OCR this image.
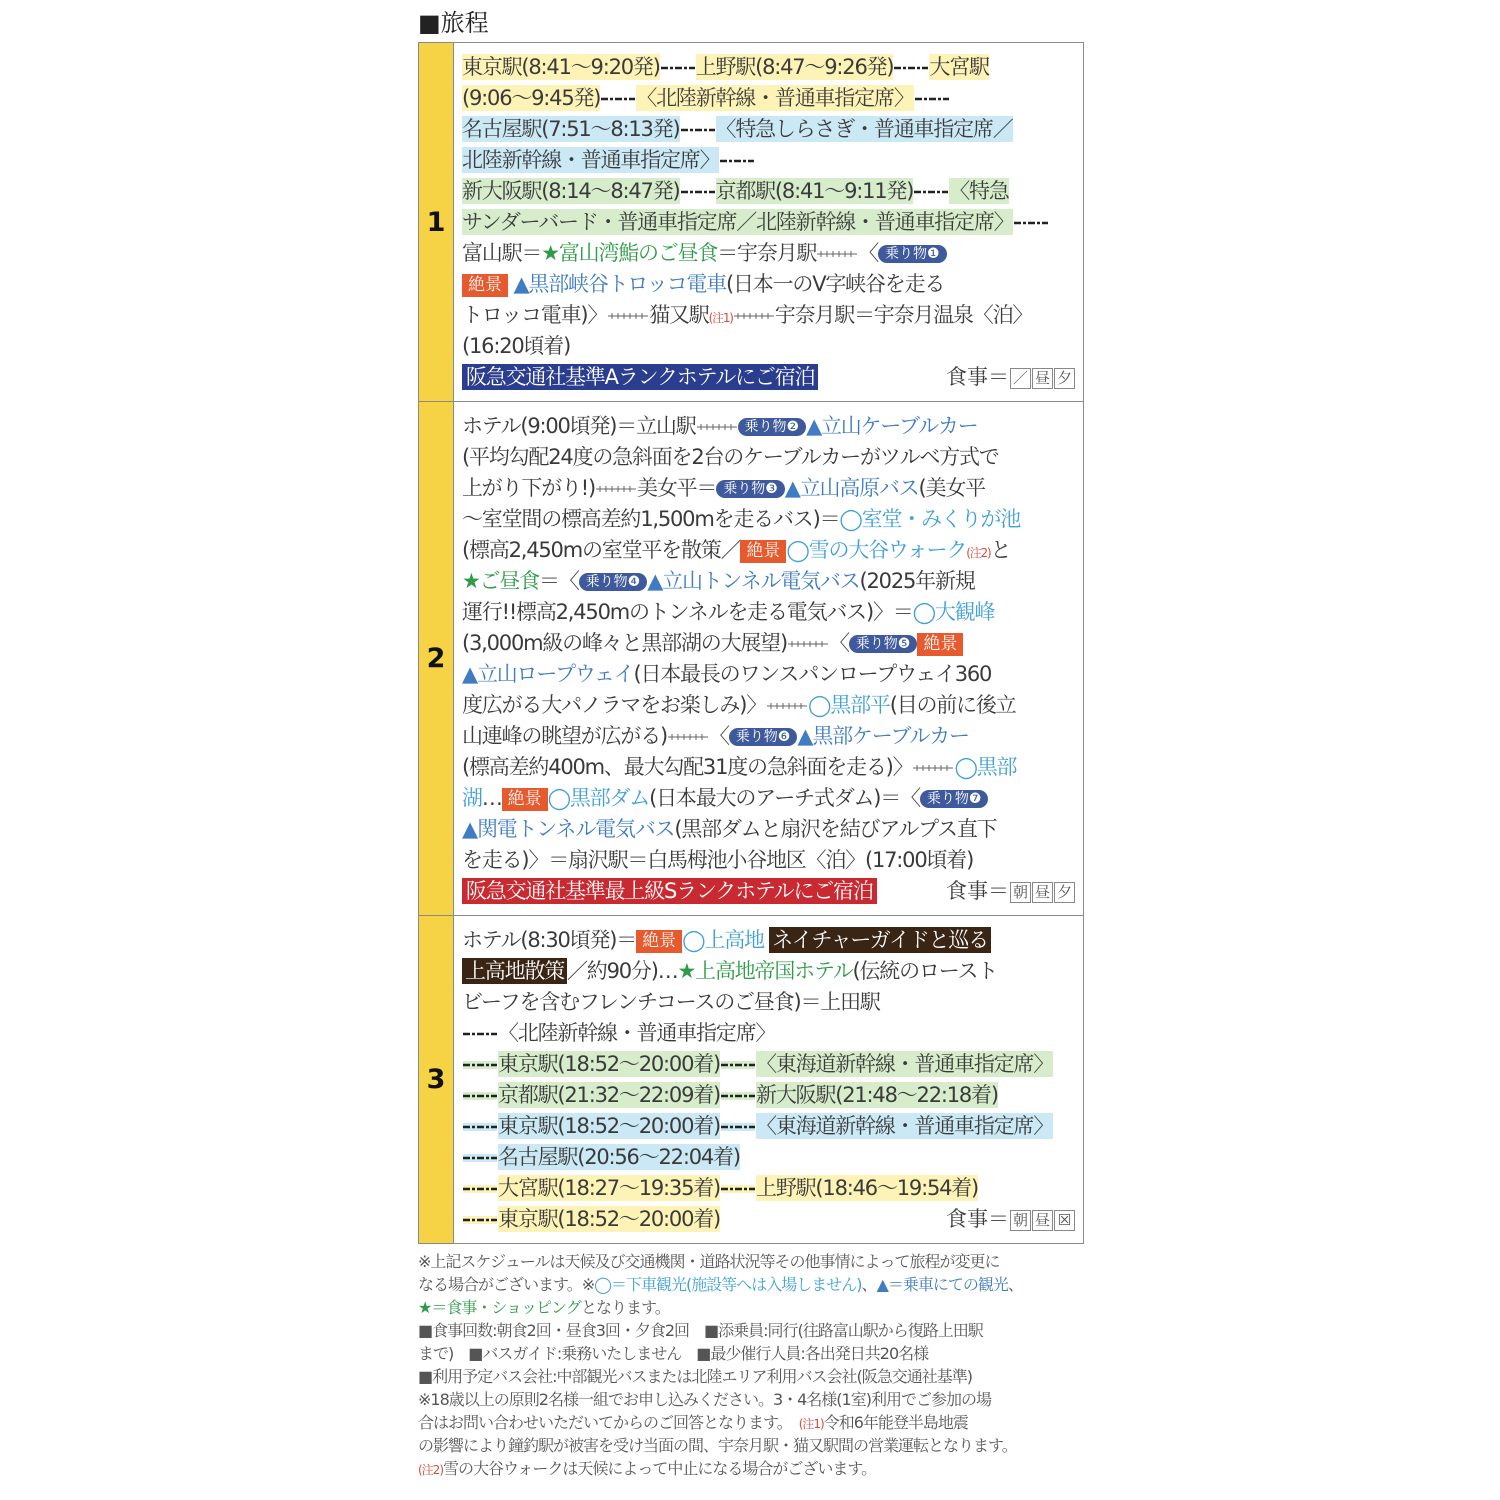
■旅程
1
東京駅(8:41〜9:20発) 上野駅(8:47〜9:26発) 大宮駅
(9:06〜9:45発) 〈北陸新幹線・普通車指定席〉
名古屋駅(7:51〜8:13発) 〈特急しらさぎ・普通車指定席／
北陸新幹線・普通車指定席〉
新大阪駅(8:14〜8:47発) 京都駅(8:41〜9:11発) 〈特急
サンダーバード・普通車指定席／北陸新幹線・普通車指定席〉
富山駅＝★富山湾鮨のご昼食＝宇奈月駅 〈 乗り物❶
絶景 ▲黒部峡谷トロッコ電車(日本一のV字峡谷を走る
トロッコ電車)〉 猫又駅(注1) 宇奈月駅＝宇奈月温泉〈泊〉
(16:20頃着)
阪急交通社基準Aランクホテルにご宿泊	食事＝ ／ 昼 夕
2
ホテル(9:00頃発)＝立山駅	乗り物❷ ▲立山ケーブルカー
(平均勾配24度の急斜面を2台のケーブルカーがツルベ方式で
上がり下がり!) 美女平＝ 乗り物❸ ▲立山高原バス(美女平
〜室堂間の標高差約1,500mを走るバス)＝◯室堂・みくりが池
(標高2,450mの室堂平を散策／ 絶景 ◯雪の大谷ウォーク(注2)と
★ご昼食＝〈 乗り物❹ ▲立山トンネル電気バス(2025年新規
運行!!標高2,450mのトンネルを走る電気バス)〉＝◯大観峰
(3,000m級の峰々と黒部湖の大展望) 〈 乗り物❺ 絶景
▲立山ロープウェイ(日本最長のワンスパンロープウェイ360
度広がる大パノラマをお楽しみ)〉 ◯黒部平(目の前に後立
山連峰の眺望が広がる) 〈 乗り物❻ ▲黒部ケーブルカー
(標高差約400m、最大勾配31度の急斜面を走る)〉 ◯黒部
湖… 絶景 ◯黒部ダム(日本最大のアーチ式ダム)＝〈 乗り物❼
▲関電トンネル電気バス(黒部ダムと扇沢を結びアルプス直下
を走る)〉＝扇沢駅＝白馬栂池小谷地区〈泊〉(17:00頃着)
阪急交通社基準最上級Sランクホテルにご宿泊	食事＝ 朝 昼 夕
3
ホテル(8:30頃発)＝ 絶景 ◯上高地 ネイチャーガイドと巡る
上高地散策 ／約90分)…★上高地帝国ホテル(伝統のロースト
ビーフを含むフレンチコースのご昼食)＝上田駅
〈北陸新幹線・普通車指定席〉
東京駅(18:52〜20:00着) 〈東海道新幹線・普通車指定席〉
京都駅(21:32〜22:09着) 新大阪駅(21:48〜22:18着)
東京駅(18:52〜20:00着) 〈東海道新幹線・普通車指定席〉
名古屋駅(20:56〜22:04着)
大宮駅(18:27〜19:35着) 上野駅(18:46〜19:54着)
東京駅(18:52〜20:00着)	食事＝ 朝 昼 ☒
※上記スケジュールは天候及び交通機関・道路状況等その他事情によって旅程が変更に
なる場合がございます。※◯＝下車観光(施設等へは入場しません)、▲＝乗車にての観光、
★＝食事・ショッピングとなります。
■食事回数:朝食2回・昼食3回・夕食2回　■添乗員:同行(往路富山駅から復路上田駅
まで)　■バスガイド:乗務いたしません　■最少催行人員:各出発日共20名様
■利用予定バス会社:中部観光バスまたは北陸エリア利用バス会社(阪急交通社基準)
※18歳以上の原則2名様一組でお申し込みください。3・4名様(1室)利用でご参加の場
合はお問い合わせいただいてからのご回答となります。　(注1)令和6年能登半島地震
の影響により鐘釣駅が被害を受け当面の間、宇奈月駅・猫又駅間の営業運転となります。
(注2)雪の大谷ウォークは天候によって中止になる場合がございます。
